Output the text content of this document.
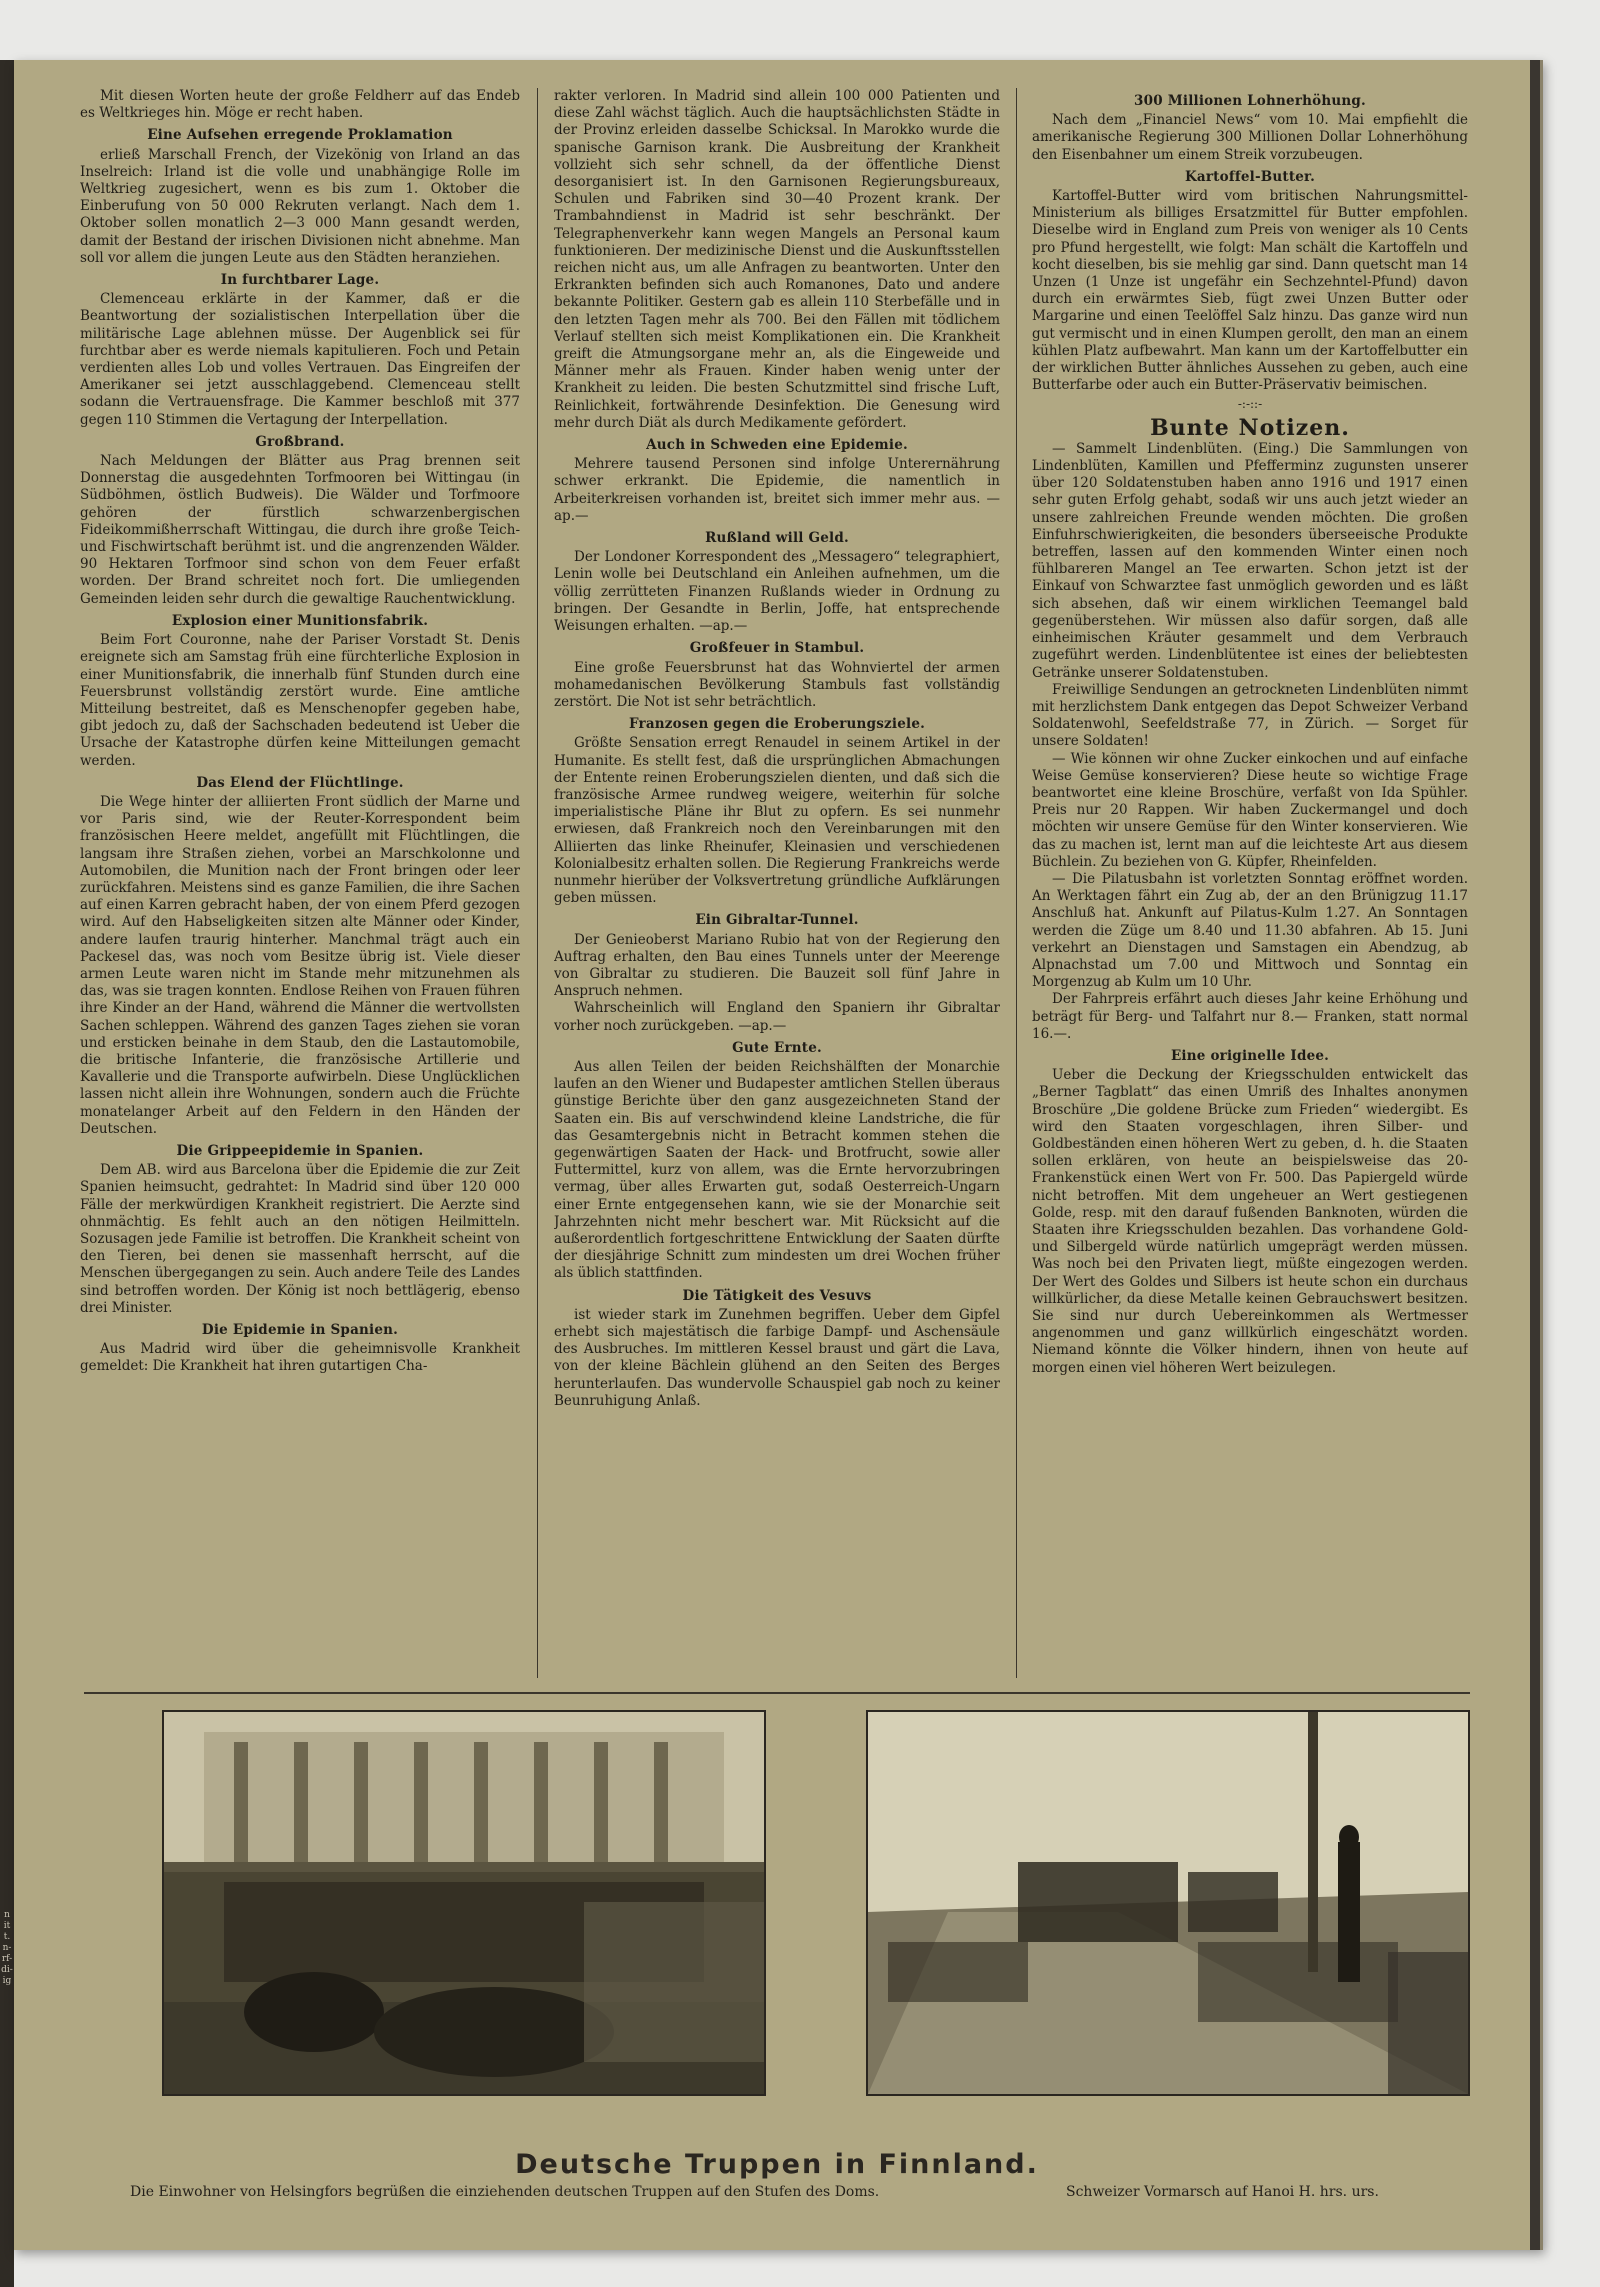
n
it
t.
n-
rf-
di-
ig

Mit diesen Worten heute der große Feldherr auf das Endeb es Weltkrieges hin. Möge er recht haben.

Eine Aufsehen erregende Proklamation

erließ Marschall French, der Vizekönig von Irland an das Inselreich: Irland ist die volle und unabhängige Rolle im Weltkrieg zugesichert, wenn es bis zum 1. Oktober die Einberufung von 50 000 Rekruten verlangt. Nach dem 1. Oktober sollen monatlich 2—3 000 Mann gesandt werden, damit der Bestand der irischen Divisionen nicht abnehme. Man soll vor allem die jungen Leute aus den Städten heranziehen.

In furchtbarer Lage.

Clemenceau erklärte in der Kammer, daß er die Beantwortung der sozialistischen Interpellation über die militärische Lage ablehnen müsse. Der Augenblick sei für furchtbar aber es werde niemals kapitulieren. Foch und Petain verdienten alles Lob und volles Vertrauen. Das Eingreifen der Amerikaner sei jetzt ausschlaggebend. Clemenceau stellt sodann die Vertrauensfrage. Die Kammer beschloß mit 377 gegen 110 Stimmen die Vertagung der Interpellation.

Großbrand.

Nach Meldungen der Blätter aus Prag brennen seit Donnerstag die ausgedehnten Torfmooren bei Wittingau (in Südböhmen, östlich Budweis). Die Wälder und Torfmoore gehören der fürstlich schwarzenbergischen Fideikommißherrschaft Wittingau, die durch ihre große Teich- und Fischwirtschaft berühmt ist. und die angrenzenden Wälder. 90 Hektaren Torfmoor sind schon von dem Feuer erfaßt worden. Der Brand schreitet noch fort. Die umliegenden Gemeinden leiden sehr durch die gewaltige Rauchentwicklung.

Explosion einer Munitionsfabrik.

Beim Fort Couronne, nahe der Pariser Vorstadt St. Denis ereignete sich am Samstag früh eine fürchterliche Explosion in einer Munitionsfabrik, die innerhalb fünf Stunden durch eine Feuersbrunst vollständig zerstört wurde. Eine amtliche Mitteilung bestreitet, daß es Menschenopfer gegeben habe, gibt jedoch zu, daß der Sachschaden bedeutend ist Ueber die Ursache der Katastrophe dürfen keine Mitteilungen gemacht werden.

Das Elend der Flüchtlinge.

Die Wege hinter der alliierten Front südlich der Marne und vor Paris sind, wie der Reuter-Korrespondent beim französischen Heere meldet, angefüllt mit Flüchtlingen, die langsam ihre Straßen ziehen, vorbei an Marschkolonne und Automobilen, die Munition nach der Front bringen oder leer zurückfahren. Meistens sind es ganze Familien, die ihre Sachen auf einen Karren gebracht haben, der von einem Pferd gezogen wird. Auf den Habseligkeiten sitzen alte Männer oder Kinder, andere laufen traurig hinterher. Manchmal trägt auch ein Packesel das, was noch vom Besitze übrig ist. Viele dieser armen Leute waren nicht im Stande mehr mitzunehmen als das, was sie tragen konnten. Endlose Reihen von Frauen führen ihre Kinder an der Hand, während die Männer die wertvollsten Sachen schleppen. Während des ganzen Tages ziehen sie voran und ersticken beinahe in dem Staub, den die Lastautomobile, die britische Infanterie, die französische Artillerie und Kavallerie und die Transporte aufwirbeln. Diese Unglücklichen lassen nicht allein ihre Wohnungen, sondern auch die Früchte monatelanger Arbeit auf den Feldern in den Händen der Deutschen.

Die Grippeepidemie in Spanien.

Dem AB. wird aus Barcelona über die Epidemie die zur Zeit Spanien heimsucht, gedrahtet: In Madrid sind über 120 000 Fälle der merkwürdigen Krankheit registriert. Die Aerzte sind ohnmächtig. Es fehlt auch an den nötigen Heilmitteln. Sozusagen jede Familie ist betroffen. Die Krankheit scheint von den Tieren, bei denen sie massenhaft herrscht, auf die Menschen übergegangen zu sein. Auch andere Teile des Landes sind betroffen worden. Der König ist noch bettlägerig, ebenso drei Minister.

Die Epidemie in Spanien.

Aus Madrid wird über die geheimnisvolle Krankheit gemeldet: Die Krankheit hat ihren gutartigen Cha-

rakter verloren. In Madrid sind allein 100 000 Patienten und diese Zahl wächst täglich. Auch die hauptsächlichsten Städte in der Provinz erleiden dasselbe Schicksal. In Marokko wurde die spanische Garnison krank. Die Ausbreitung der Krankheit vollzieht sich sehr schnell, da der öffentliche Dienst desorganisiert ist. In den Garnisonen Regierungsbureaux, Schulen und Fabriken sind 30—40 Prozent krank. Der Trambahndienst in Madrid ist sehr beschränkt. Der Telegraphenverkehr kann wegen Mangels an Personal kaum funktionieren. Der medizinische Dienst und die Auskunftsstellen reichen nicht aus, um alle Anfragen zu beantworten. Unter den Erkrankten befinden sich auch Romanones, Dato und andere bekannte Politiker. Gestern gab es allein 110 Sterbefälle und in den letzten Tagen mehr als 700. Bei den Fällen mit tödlichem Verlauf stellten sich meist Komplikationen ein. Die Krankheit greift die Atmungsorgane mehr an, als die Eingeweide und Männer mehr als Frauen. Kinder haben wenig unter der Krankheit zu leiden. Die besten Schutzmittel sind frische Luft, Reinlichkeit, fortwährende Desinfektion. Die Genesung wird mehr durch Diät als durch Medikamente gefördert.

Auch in Schweden eine Epidemie.

Mehrere tausend Personen sind infolge Unterernährung schwer erkrankt. Die Epidemie, die namentlich in Arbeiterkreisen vorhanden ist, breitet sich immer mehr aus. —ap.—

Rußland will Geld.

Der Londoner Korrespondent des „Messagero“ telegraphiert, Lenin wolle bei Deutschland ein Anleihen aufnehmen, um die völlig zerrütteten Finanzen Rußlands wieder in Ordnung zu bringen. Der Gesandte in Berlin, Joffe, hat entsprechende Weisungen erhalten. —ap.—

Großfeuer in Stambul.

Eine große Feuersbrunst hat das Wohnviertel der armen mohamedanischen Bevölkerung Stambuls fast vollständig zerstört. Die Not ist sehr beträchtlich.

Franzosen gegen die Eroberungsziele.

Größte Sensation erregt Renaudel in seinem Artikel in der Humanite. Es stellt fest, daß die ursprünglichen Abmachungen der Entente reinen Eroberungszielen dienten, und daß sich die französische Armee rundweg weigere, weiterhin für solche imperialistische Pläne ihr Blut zu opfern. Es sei nunmehr erwiesen, daß Frankreich noch den Vereinbarungen mit den Alliierten das linke Rheinufer, Kleinasien und verschiedenen Kolonialbesitz erhalten sollen. Die Regierung Frankreichs werde nunmehr hierüber der Volksvertretung gründliche Aufklärungen geben müssen.

Ein Gibraltar-Tunnel.

Der Genieoberst Mariano Rubio hat von der Regierung den Auftrag erhalten, den Bau eines Tunnels unter der Meerenge von Gibraltar zu studieren. Die Bauzeit soll fünf Jahre in Anspruch nehmen.

Wahrscheinlich will England den Spaniern ihr Gibraltar vorher noch zurückgeben. —ap.—

Gute Ernte.

Aus allen Teilen der beiden Reichshälften der Monarchie laufen an den Wiener und Budapester amtlichen Stellen überaus günstige Berichte über den ganz ausgezeichneten Stand der Saaten ein. Bis auf verschwindend kleine Landstriche, die für das Gesamtergebnis nicht in Betracht kommen stehen die gegenwärtigen Saaten der Hack- und Brotfrucht, sowie aller Futtermittel, kurz von allem, was die Ernte hervorzubringen vermag, über alles Erwarten gut, sodaß Oesterreich-Ungarn einer Ernte entgegensehen kann, wie sie der Monarchie seit Jahrzehnten nicht mehr beschert war. Mit Rücksicht auf die außerordentlich fortgeschrittene Entwicklung der Saaten dürfte der diesjährige Schnitt zum mindesten um drei Wochen früher als üblich stattfinden.

Die Tätigkeit des Vesuvs

ist wieder stark im Zunehmen begriffen. Ueber dem Gipfel erhebt sich majestätisch die farbige Dampf- und Aschensäule des Ausbruches. Im mittleren Kessel braust und gärt die Lava, von der kleine Bächlein glühend an den Seiten des Berges herunterlaufen. Das wundervolle Schauspiel gab noch zu keiner Beunruhigung Anlaß.

300 Millionen Lohnerhöhung.

Nach dem „Financiel News“ vom 10. Mai empfiehlt die amerikanische Regierung 300 Millionen Dollar Lohnerhöhung den Eisenbahner um einem Streik vorzubeugen.

Kartoffel-Butter.

Kartoffel-Butter wird vom britischen Nahrungsmittel-Ministerium als billiges Ersatzmittel für Butter empfohlen. Dieselbe wird in England zum Preis von weniger als 10 Cents pro Pfund hergestellt, wie folgt: Man schält die Kartoffeln und kocht dieselben, bis sie mehlig gar sind. Dann quetscht man 14 Unzen (1 Unze ist ungefähr ein Sechzehntel-Pfund) davon durch ein erwärmtes Sieb, fügt zwei Unzen Butter oder Margarine und einen Teelöffel Salz hinzu. Das ganze wird nun gut vermischt und in einen Klumpen gerollt, den man an einem kühlen Platz aufbewahrt. Man kann um der Kartoffelbutter ein der wirklichen Butter ähnliches Aussehen zu geben, auch eine Butterfarbe oder auch ein Butter-Präservativ beimischen.

-:-::-
Bunte Notizen.

— Sammelt Lindenblüten. (Eing.) Die Sammlungen von Lindenblüten, Kamillen und Pfefferminz zugunsten unserer über 120 Soldatenstuben haben anno 1916 und 1917 einen sehr guten Erfolg gehabt, sodaß wir uns auch jetzt wieder an unsere zahlreichen Freunde wenden möchten. Die großen Einfuhrschwierigkeiten, die besonders überseeische Produkte betreffen, lassen auf den kommenden Winter einen noch fühlbareren Mangel an Tee erwarten. Schon jetzt ist der Einkauf von Schwarztee fast unmöglich geworden und es läßt sich absehen, daß wir einem wirklichen Teemangel bald gegenüberstehen. Wir müssen also dafür sorgen, daß alle einheimischen Kräuter gesammelt und dem Verbrauch zugeführt werden. Lindenblütentee ist eines der beliebtesten Getränke unserer Soldatenstuben.

Freiwillige Sendungen an getrockneten Lindenblüten nimmt mit herzlichstem Dank entgegen das Depot Schweizer Verband Soldatenwohl, Seefeldstraße 77, in Zürich. — Sorget für unsere Soldaten!

— Wie können wir ohne Zucker einkochen und auf einfache Weise Gemüse konservieren? Diese heute so wichtige Frage beantwortet eine kleine Broschüre, verfaßt von Ida Spühler. Preis nur 20 Rappen. Wir haben Zuckermangel und doch möchten wir unsere Gemüse für den Winter konservieren. Wie das zu machen ist, lernt man auf die leichteste Art aus diesem Büchlein. Zu beziehen von G. Küpfer, Rheinfelden.

— Die Pilatusbahn ist vorletzten Sonntag eröffnet worden. An Werktagen fährt ein Zug ab, der an den Brünigzug 11.17 Anschluß hat. Ankunft auf Pilatus-Kulm 1.27. An Sonntagen werden die Züge um 8.40 und 11.30 abfahren. Ab 15. Juni verkehrt an Dienstagen und Samstagen ein Abendzug, ab Alpnachstad um 7.00 und Mittwoch und Sonntag ein Morgenzug ab Kulm um 10 Uhr.

Der Fahrpreis erfährt auch dieses Jahr keine Erhöhung und beträgt für Berg- und Talfahrt nur 8.— Franken, statt normal 16.—.

Eine originelle Idee.

Ueber die Deckung der Kriegsschulden entwickelt das „Berner Tagblatt“ das einen Umriß des Inhaltes anonymen Broschüre „Die goldene Brücke zum Frieden“ wiedergibt. Es wird den Staaten vorgeschlagen, ihren Silber- und Goldbeständen einen höheren Wert zu geben, d. h. die Staaten sollen erklären, von heute an beispielsweise das 20-Frankenstück einen Wert von Fr. 500. Das Papiergeld würde nicht betroffen. Mit dem ungeheuer an Wert gestiegenen Golde, resp. mit den darauf fußenden Banknoten, würden die Staaten ihre Kriegsschulden bezahlen. Das vorhandene Gold- und Silbergeld würde natürlich umgeprägt werden müssen. Was noch bei den Privaten liegt, müßte eingezogen werden. Der Wert des Goldes und Silbers ist heute schon ein durchaus willkürlicher, da diese Metalle keinen Gebrauchswert besitzen. Sie sind nur durch Uebereinkommen als Wertmesser angenommen und ganz willkürlich eingeschätzt worden. Niemand könnte die Völker hindern, ihnen von heute auf morgen einen viel höheren Wert beizulegen.

Deutsche Truppen in Finnland.
Die Einwohner von Helsingfors begrüßen die einziehenden deutschen Truppen auf den Stufen des Doms.	Schweizer Vormarsch auf Hanoi H. hrs. urs.
